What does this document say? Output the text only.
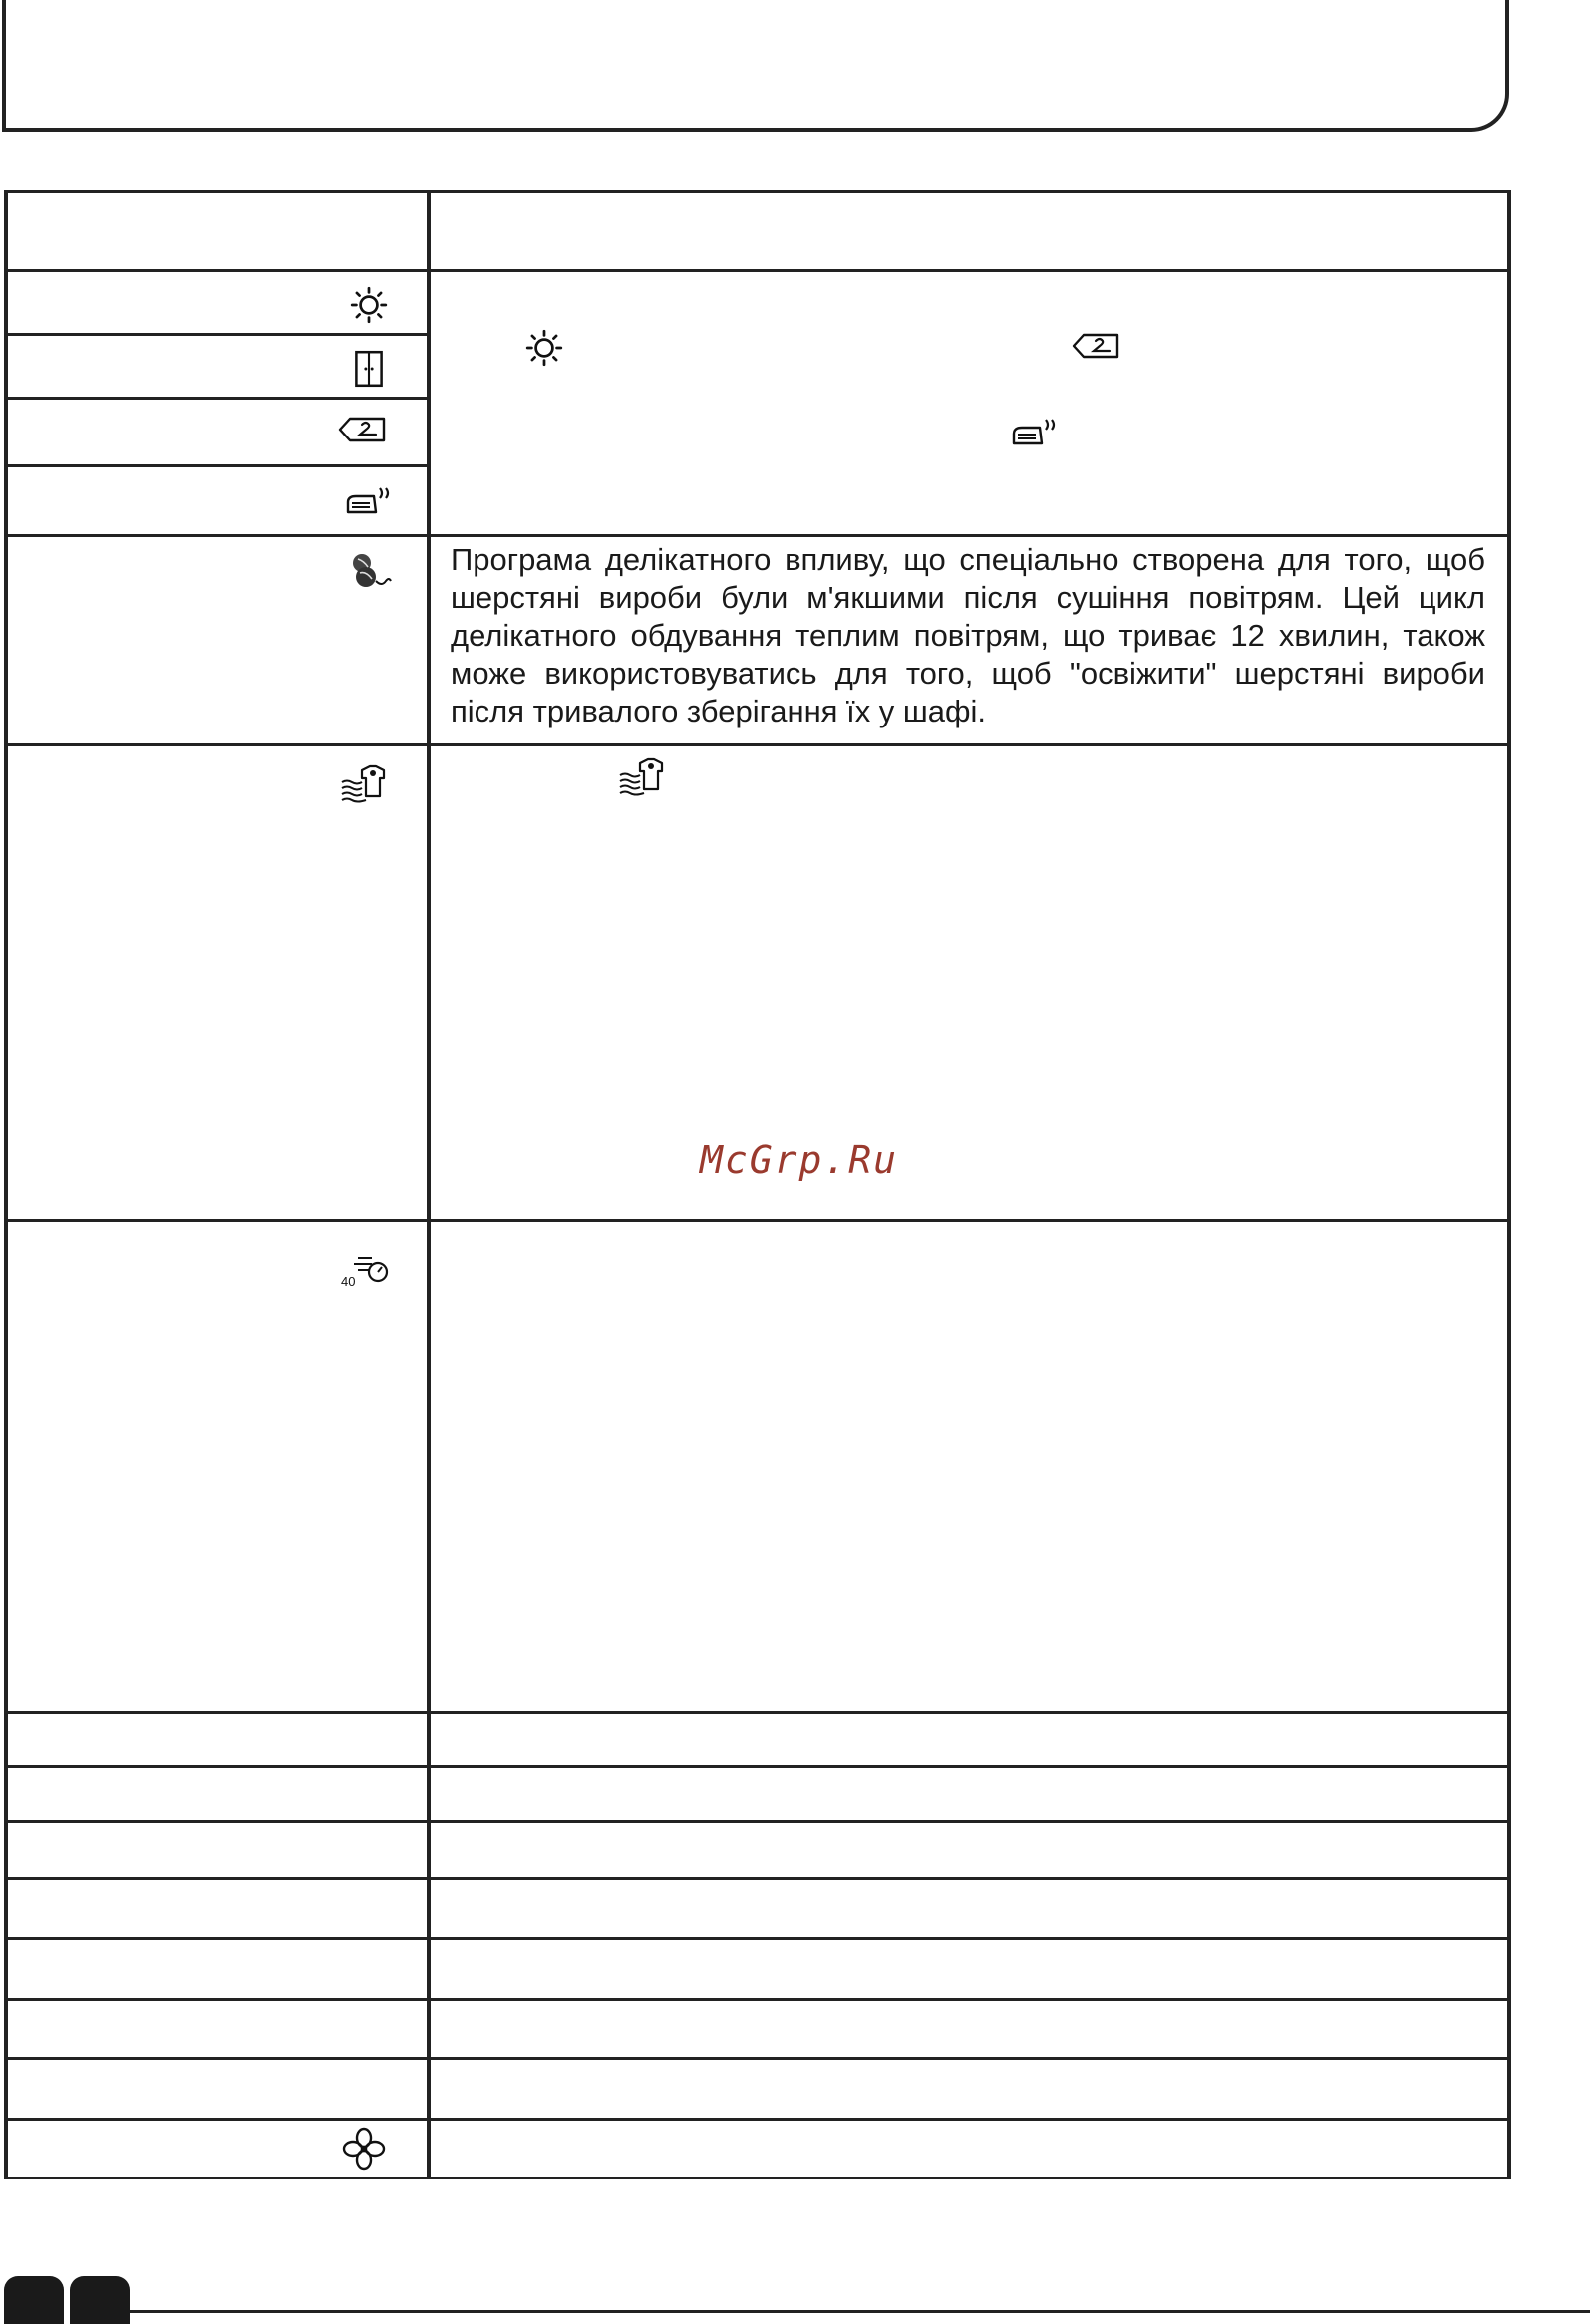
40

Програма делікатного впливу, що спеціально створена для того, щоб шерстяні вироби були м'якшими після сушіння повітрям. Цей цикл делікатного обдування теплим повітрям, що триває 12 хвилин, також може використовуватись для того, щоб "освіжити" шерстяні вироби після тривалого зберігання їх у шафі.

McGrp.Ru
